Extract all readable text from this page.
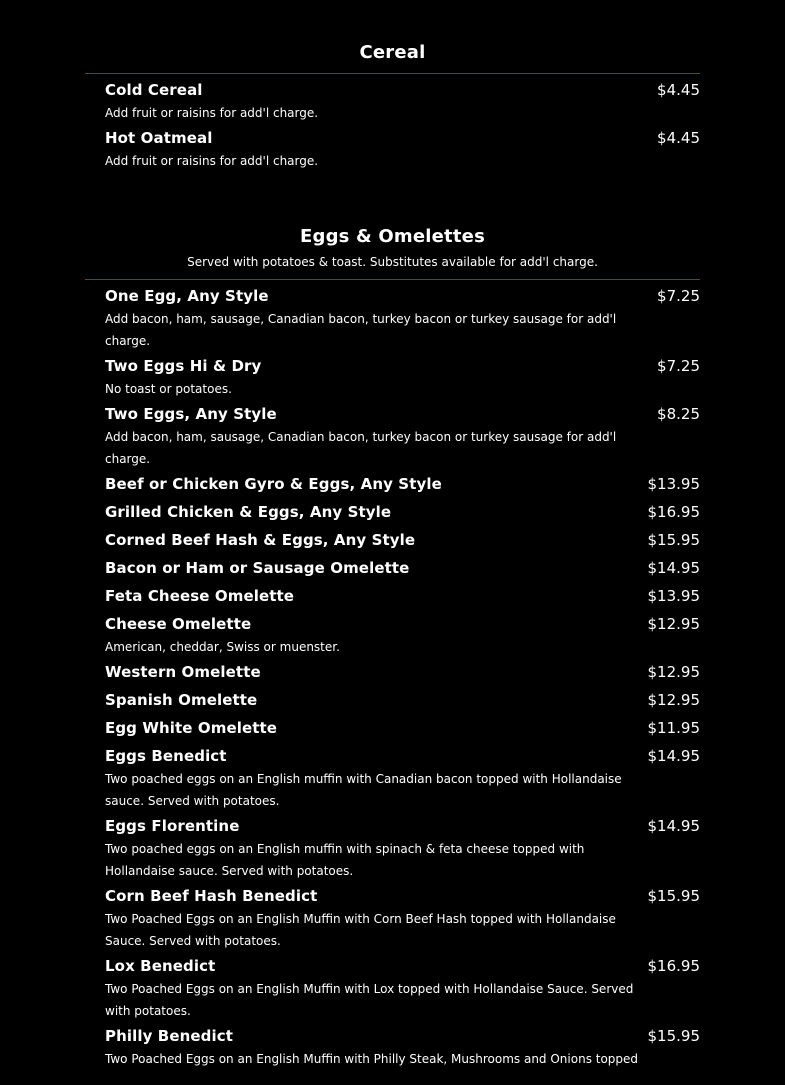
Cereal
Cold Cereal	$4.45
Add fruit or raisins for add'l charge.
Hot Oatmeal	$4.45
Add fruit or raisins for add'l charge.
Eggs & Omelettes
Served with potatoes & toast. Substitutes available for add'l charge.
One Egg, Any Style	$7.25
Add bacon, ham, sausage, Canadian bacon, turkey bacon or turkey sausage for add'l charge.
Two Eggs Hi & Dry	$7.25
No toast or potatoes.
Two Eggs, Any Style	$8.25
Add bacon, ham, sausage, Canadian bacon, turkey bacon or turkey sausage for add'l charge.
Beef or Chicken Gyro & Eggs, Any Style	$13.95
Grilled Chicken & Eggs, Any Style	$16.95
Corned Beef Hash & Eggs, Any Style	$15.95
Bacon or Ham or Sausage Omelette	$14.95
Feta Cheese Omelette	$13.95
Cheese Omelette	$12.95
American, cheddar, Swiss or muenster.
Western Omelette	$12.95
Spanish Omelette	$12.95
Egg White Omelette	$11.95
Eggs Benedict	$14.95
Two poached eggs on an English muffin with Canadian bacon topped with Hollandaise sauce. Served with potatoes.
Eggs Florentine	$14.95
Two poached eggs on an English muffin with spinach & feta cheese topped with Hollandaise sauce. Served with potatoes.
Corn Beef Hash Benedict	$15.95
Two Poached Eggs on an English Muffin with Corn Beef Hash topped with Hollandaise Sauce. Served with potatoes.
Lox Benedict	$16.95
Two Poached Eggs on an English Muffin with Lox topped with Hollandaise Sauce. Served with potatoes.
Philly Benedict	$15.95
Two Poached Eggs on an English Muffin with Philly Steak, Mushrooms and Onions topped
